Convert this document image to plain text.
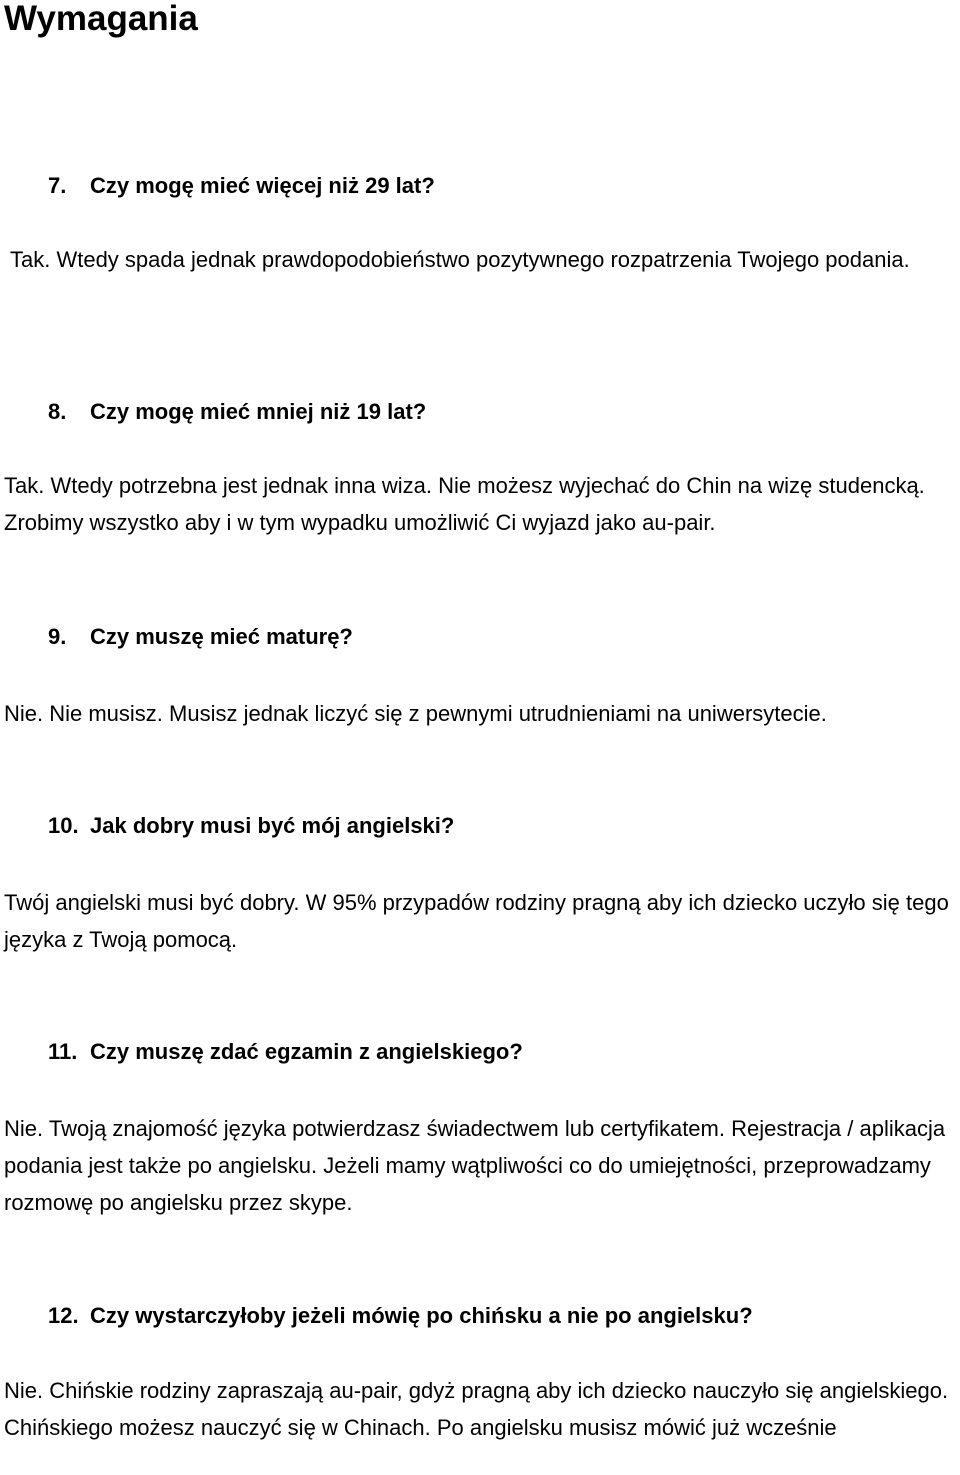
Wymagania

7. Czy mogę mieć więcej niż 29 lat?

Tak. Wtedy spada jednak prawdopodobieństwo pozytywnego rozpatrzenia Twojego podania.

8. Czy mogę mieć mniej niż 19 lat?

Tak. Wtedy potrzebna jest jednak inna wiza. Nie możesz wyjechać do Chin na wizę studencką. Zrobimy wszystko aby i w tym wypadku umożliwić Ci wyjazd jako au-pair.

9. Czy muszę mieć maturę?

Nie. Nie musisz. Musisz jednak liczyć się z pewnymi utrudnieniami na uniwersytecie.

10. Jak dobry musi być mój angielski?

Twój angielski musi być dobry. W 95% przypadów rodziny pragną aby ich dziecko uczyło się tego języka z Twoją pomocą.

11. Czy muszę zdać egzamin z angielskiego?

Nie. Twoją znajomość języka potwierdzasz świadectwem lub certyfikatem. Rejestracja / aplikacja podania jest także po angielsku. Jeżeli mamy wątpliwości co do umiejętności, przeprowadzamy rozmowę po angielsku przez skype.

12. Czy wystarczyłoby jeżeli mówię po chińsku a nie po angielsku?

Nie. Chińskie rodziny zapraszają au-pair, gdyż pragną aby ich dziecko nauczyło się angielskiego. Chińskiego możesz nauczyć się w Chinach. Po angielsku musisz mówić już wcześnie
